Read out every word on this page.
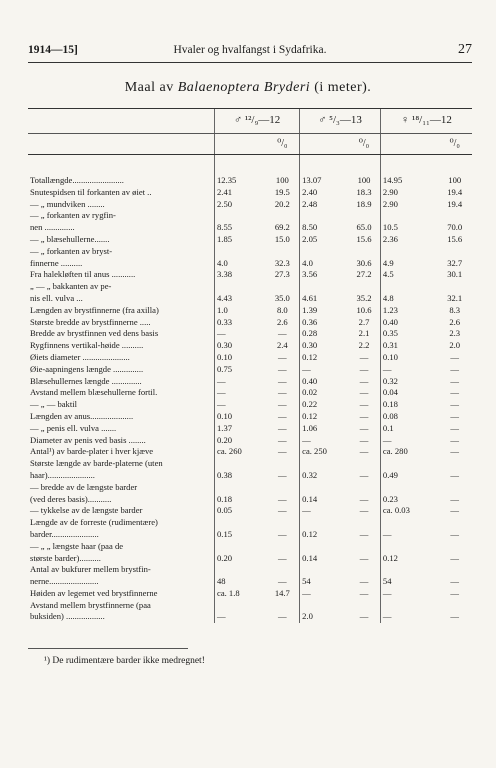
1914—15]	Hvaler og hvalfangst i Sydafrika.	27
Maal av Balaenoptera Bryderi (i meter).
	♂ ¹²/₉—12		♂ ⁵/₃—13		♀ ¹⁸/₁₁—12	
		⁰/₀		⁰/₀		⁰/₀

Totallængde........................	12.35	100	13.07	100	14.95	100
Snutespidsen til forkanten av øiet ..	2.41	19.5	2.40	18.3	2.90	19.4
— „ mundviken ........	2.50	20.2	2.48	18.9	2.90	19.4
— „ forkanten av rygfin-						
nen ..............	8.55	69.2	8.50	65.0	10.5	70.0
— „ blæsehullerne.......	1.85	15.0	2.05	15.6	2.36	15.6
— „ forkanten av bryst-						
finnerne ..........	4.0	32.3	4.0	30.6	4.9	32.7
Fra halekløften til anus ...........	3.38	27.3	3.56	27.2	4.5	30.1
„ — „ bakkanten av pe-						
nis ell. vulva ...	4.43	35.0	4.61	35.2	4.8	32.1
Længden av brystfinnerne (fra axilla)	1.0	8.0	1.39	10.6	1.23	8.3
Største bredde av brystfinnerne .....	0.33	2.6	0.36	2.7	0.40	2.6
Bredde av brystfinnen ved dens basis	—	—	0.28	2.1	0.35	2.3
Rygfinnens vertikal-høide ..........	0.30	2.4	0.30	2.2	0.31	2.0
Øiets diameter ......................	0.10	—	0.12	—	0.10	—
Øie-aapningens længde ..............	0.75	—	—	—	—	—
Blæsehullernes længde ..............	—	—	0.40	—	0.32	—
Avstand mellem blæsehullerne fortil.	—	—	0.02	—	0.04	—
— „ — baktil	—	—	0.22	—	0.18	—
Længden av anus....................	0.10	—	0.12	—	0.08	—
— „ penis ell. vulva .......	1.37	—	1.06	—	0.1	—
Diameter av penis ved basis ........	0.20	—	—	—	—	—
Antal¹) av barde-plater i hver kjæve	ca. 260	—	ca. 250	—	ca. 280	—
Største længde av barde-platerne (uten						
haar)......................	0.38	—	0.32	—	0.49	—
— bredde av de længste barder						
(ved deres basis)...........	0.18	—	0.14	—	0.23	—
— tykkelse av de længste barder	0.05	—	—	—	ca. 0.03	—
Længde av de forreste (rudimentære)						
barder......................	0.15	—	0.12	—	—	—
— „ „ længste haar (paa de						
største barder)..........	0.20	—	0.14	—	0.12	—
Antal av bukfurer mellem brystfin-						
nerne.......................	48	—	54	—	54	—
Høiden av legemet ved brystfinnerne	ca. 1.8	14.7	—	—	—	—
Avstand mellem brystfinnerne (paa						
buksiden) ..................	—	—	2.0	—	—	—
¹) De rudimentære barder ikke medregnet!
